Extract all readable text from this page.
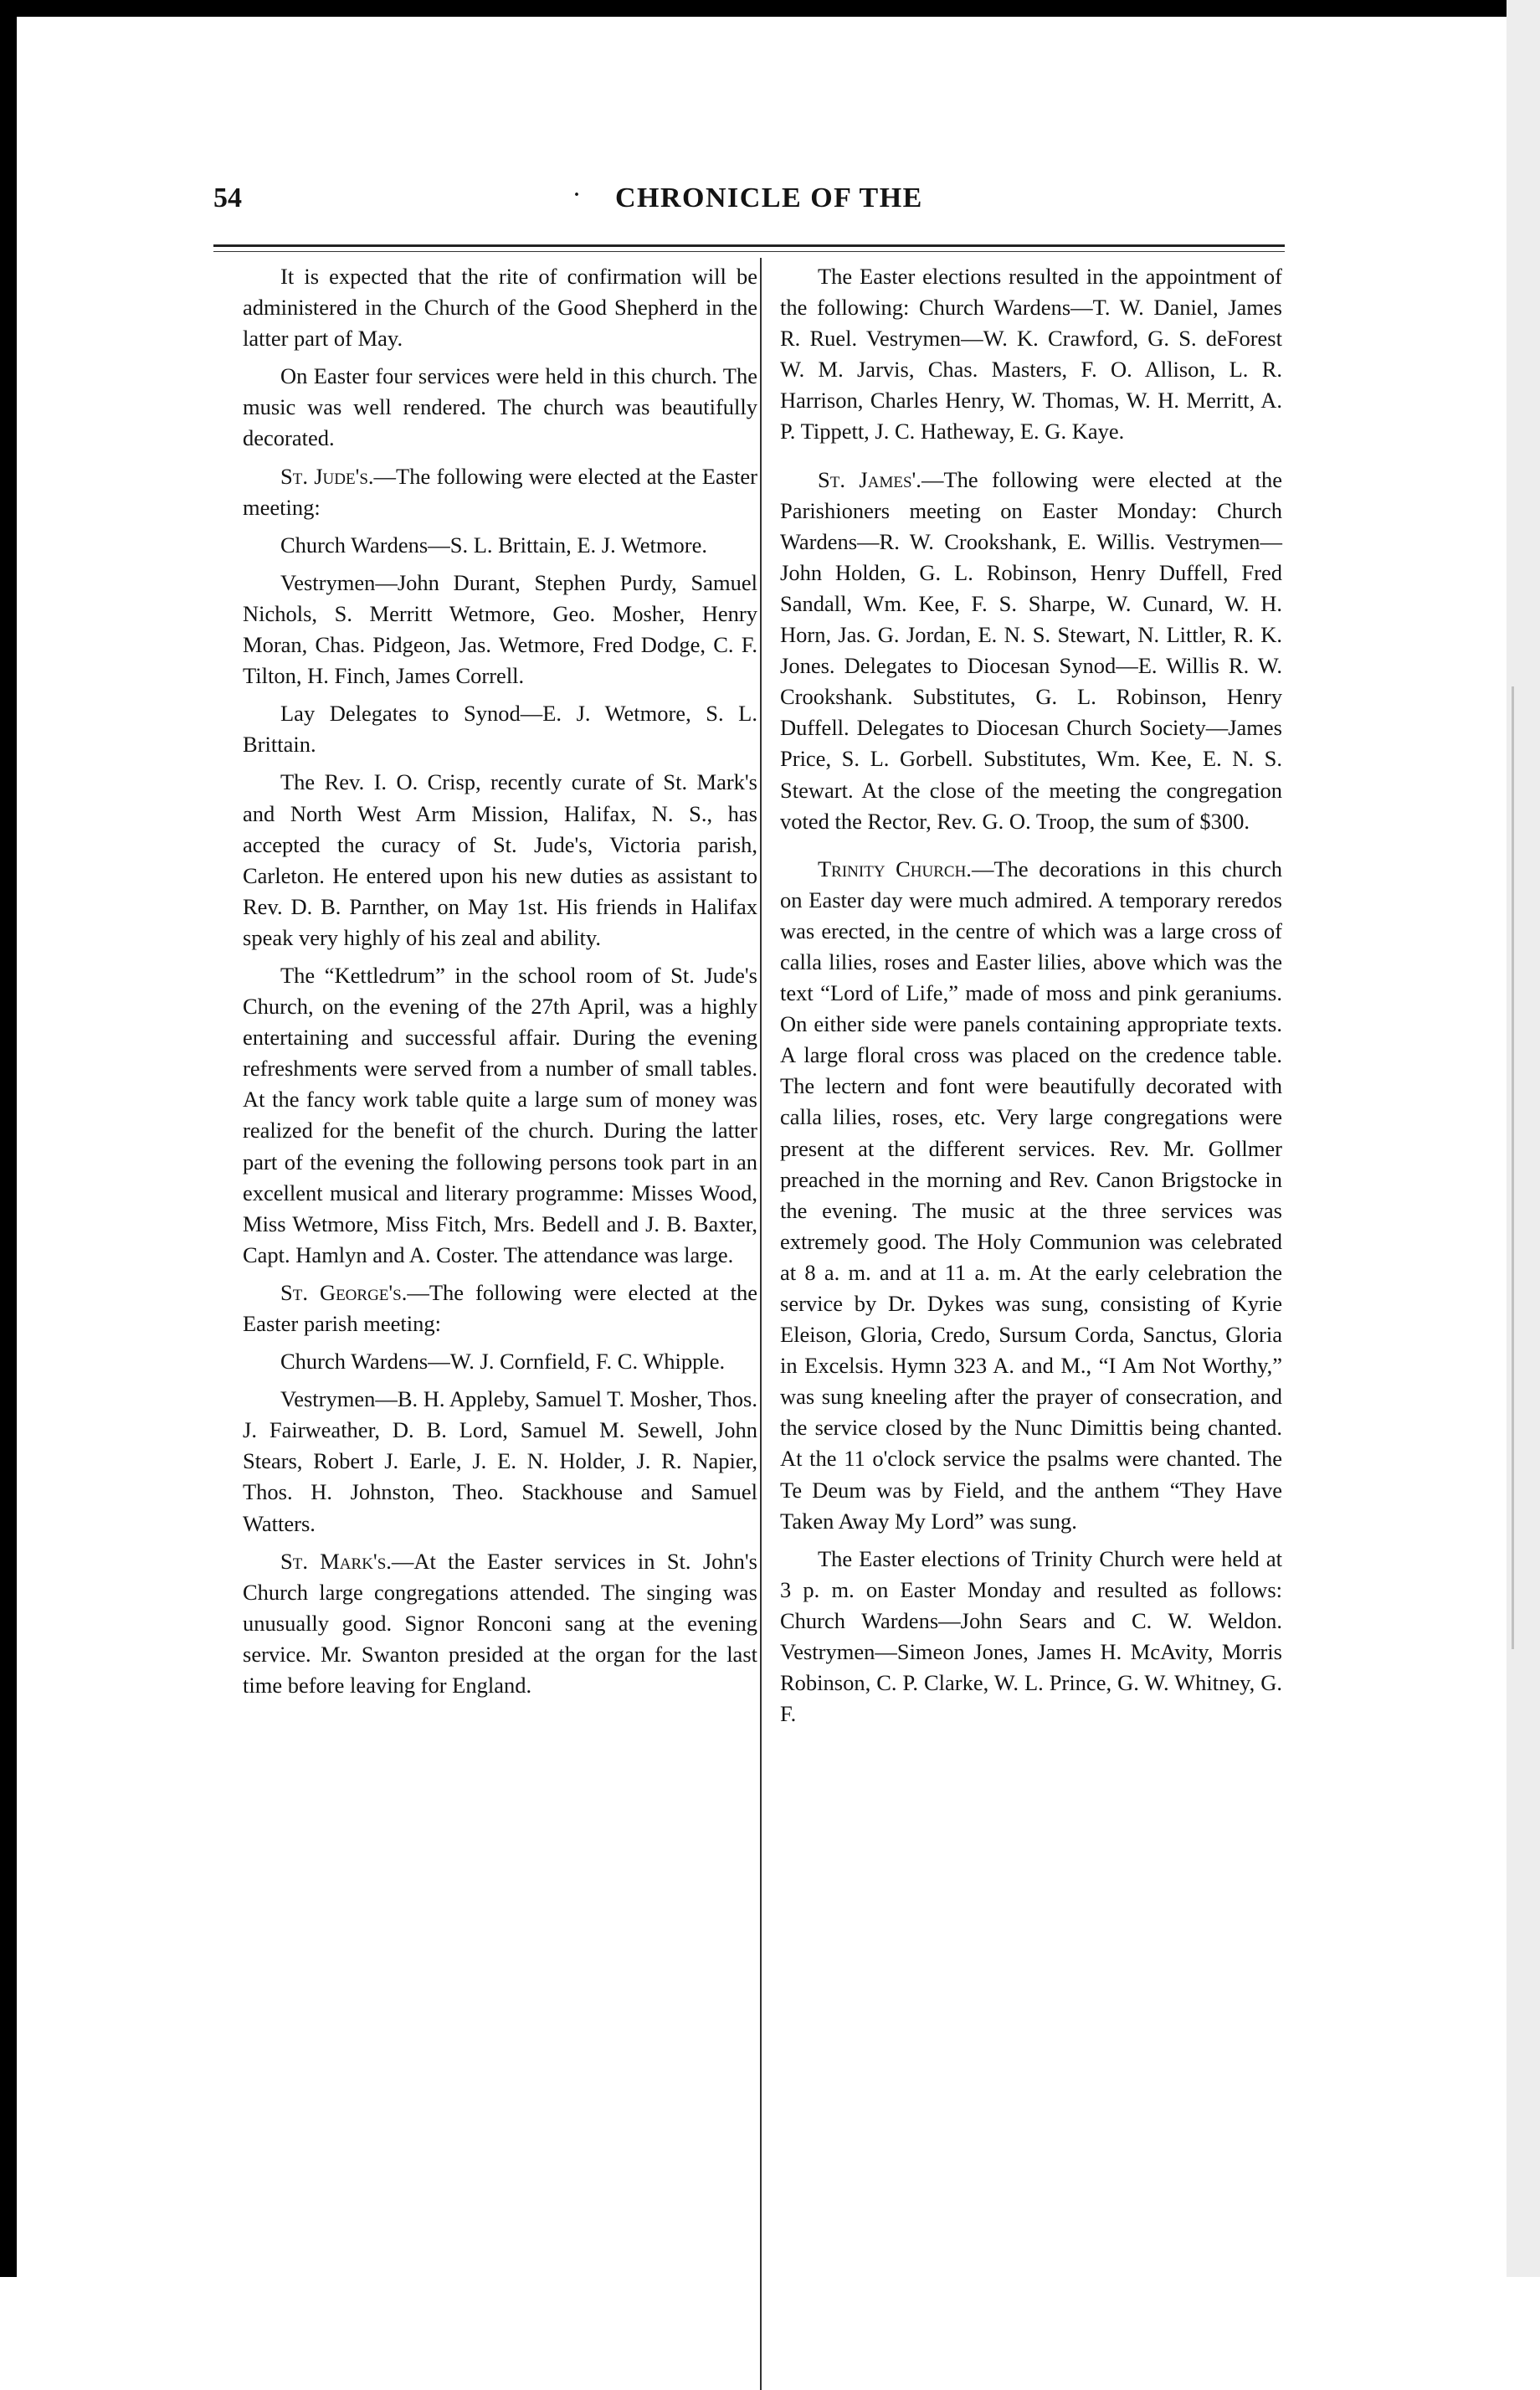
54	· CHRONICLE OF THE

It is expected that the rite of confirmation will be administered in the Church of the Good Shepherd in the latter part of May.

On Easter four services were held in this church. The music was well rendered. The church was beautifully decorated.

St. Jude's.—The following were elected at the Easter meeting:

Church Wardens—S. L. Brittain, E. J. Wetmore.

Vestrymen—John Durant, Stephen Purdy, Samuel Nichols, S. Merritt Wetmore, Geo. Mosher, Henry Moran, Chas. Pidgeon, Jas. Wetmore, Fred Dodge, C. F. Tilton, H. Finch, James Correll.

Lay Delegates to Synod—E. J. Wetmore, S. L. Brittain.

The Rev. I. O. Crisp, recently curate of St. Mark's and North West Arm Mission, Halifax, N. S., has accepted the curacy of St. Jude's, Victoria parish, Carleton. He entered upon his new duties as assistant to Rev. D. B. Parnther, on May 1st. His friends in Halifax speak very highly of his zeal and ability.

The “Kettledrum” in the school room of St. Jude's Church, on the evening of the 27th April, was a highly entertaining and successful affair. During the evening refreshments were served from a number of small tables. At the fancy work table quite a large sum of money was realized for the benefit of the church. During the latter part of the evening the following persons took part in an excellent musical and literary programme: Misses Wood, Miss Wetmore, Miss Fitch, Mrs. Bedell and J. B. Baxter, Capt. Hamlyn and A. Coster. The attendance was large.

St. George's.—The following were elected at the Easter parish meeting:

Church Wardens—W. J. Cornfield, F. C. Whipple.

Vestrymen—B. H. Appleby, Samuel T. Mosher, Thos. J. Fairweather, D. B. Lord, Samuel M. Sewell, John Stears, Robert J. Earle, J. E. N. Holder, J. R. Napier, Thos. H. Johnston, Theo. Stackhouse and Samuel Watters.

St. Mark's.—At the Easter services in St. John's Church large congregations attended. The singing was unusually good. Signor Ronconi sang at the evening service. Mr. Swanton presided at the organ for the last time before leaving for England.

The Easter elections resulted in the appointment of the following: Church Wardens—T. W. Daniel, James R. Ruel. Vestrymen—W. K. Crawford, G. S. deForest W. M. Jarvis, Chas. Masters, F. O. Allison, L. R. Harrison, Charles Henry, W. Thomas, W. H. Merritt, A. P. Tippett, J. C. Hatheway, E. G. Kaye.

St. James'.—The following were elected at the Parishioners meeting on Easter Monday: Church Wardens—R. W. Crookshank, E. Willis. Vestrymen—John Holden, G. L. Robinson, Henry Duffell, Fred Sandall, Wm. Kee, F. S. Sharpe, W. Cunard, W. H. Horn, Jas. G. Jordan, E. N. S. Stewart, N. Littler, R. K. Jones. Delegates to Diocesan Synod—E. Willis R. W. Crookshank. Substitutes, G. L. Robinson, Henry Duffell. Delegates to Diocesan Church Society—James Price, S. L. Gorbell. Substitutes, Wm. Kee, E. N. S. Stewart. At the close of the meeting the congregation voted the Rector, Rev. G. O. Troop, the sum of $300.

Trinity Church.—The decorations in this church on Easter day were much admired. A temporary reredos was erected, in the centre of which was a large cross of calla lilies, roses and Easter lilies, above which was the text “Lord of Life,” made of moss and pink geraniums. On either side were panels containing appropriate texts. A large floral cross was placed on the credence table. The lectern and font were beautifully decorated with calla lilies, roses, etc. Very large congregations were present at the different services. Rev. Mr. Gollmer preached in the morning and Rev. Canon Brigstocke in the evening. The music at the three services was extremely good. The Holy Communion was celebrated at 8 a. m. and at 11 a. m. At the early celebration the service by Dr. Dykes was sung, consisting of Kyrie Eleison, Gloria, Credo, Sursum Corda, Sanctus, Gloria in Excelsis. Hymn 323 A. and M., “I Am Not Worthy,” was sung kneeling after the prayer of consecration, and the service closed by the Nunc Dimittis being chanted. At the 11 o'clock service the psalms were chanted. The Te Deum was by Field, and the anthem “They Have Taken Away My Lord” was sung.

The Easter elections of Trinity Church were held at 3 p. m. on Easter Monday and resulted as follows: Church Wardens—John Sears and C. W. Weldon. Vestrymen—Simeon Jones, James H. McAvity, Morris Robinson, C. P. Clarke, W. L. Prince, G. W. Whitney, G. F.
